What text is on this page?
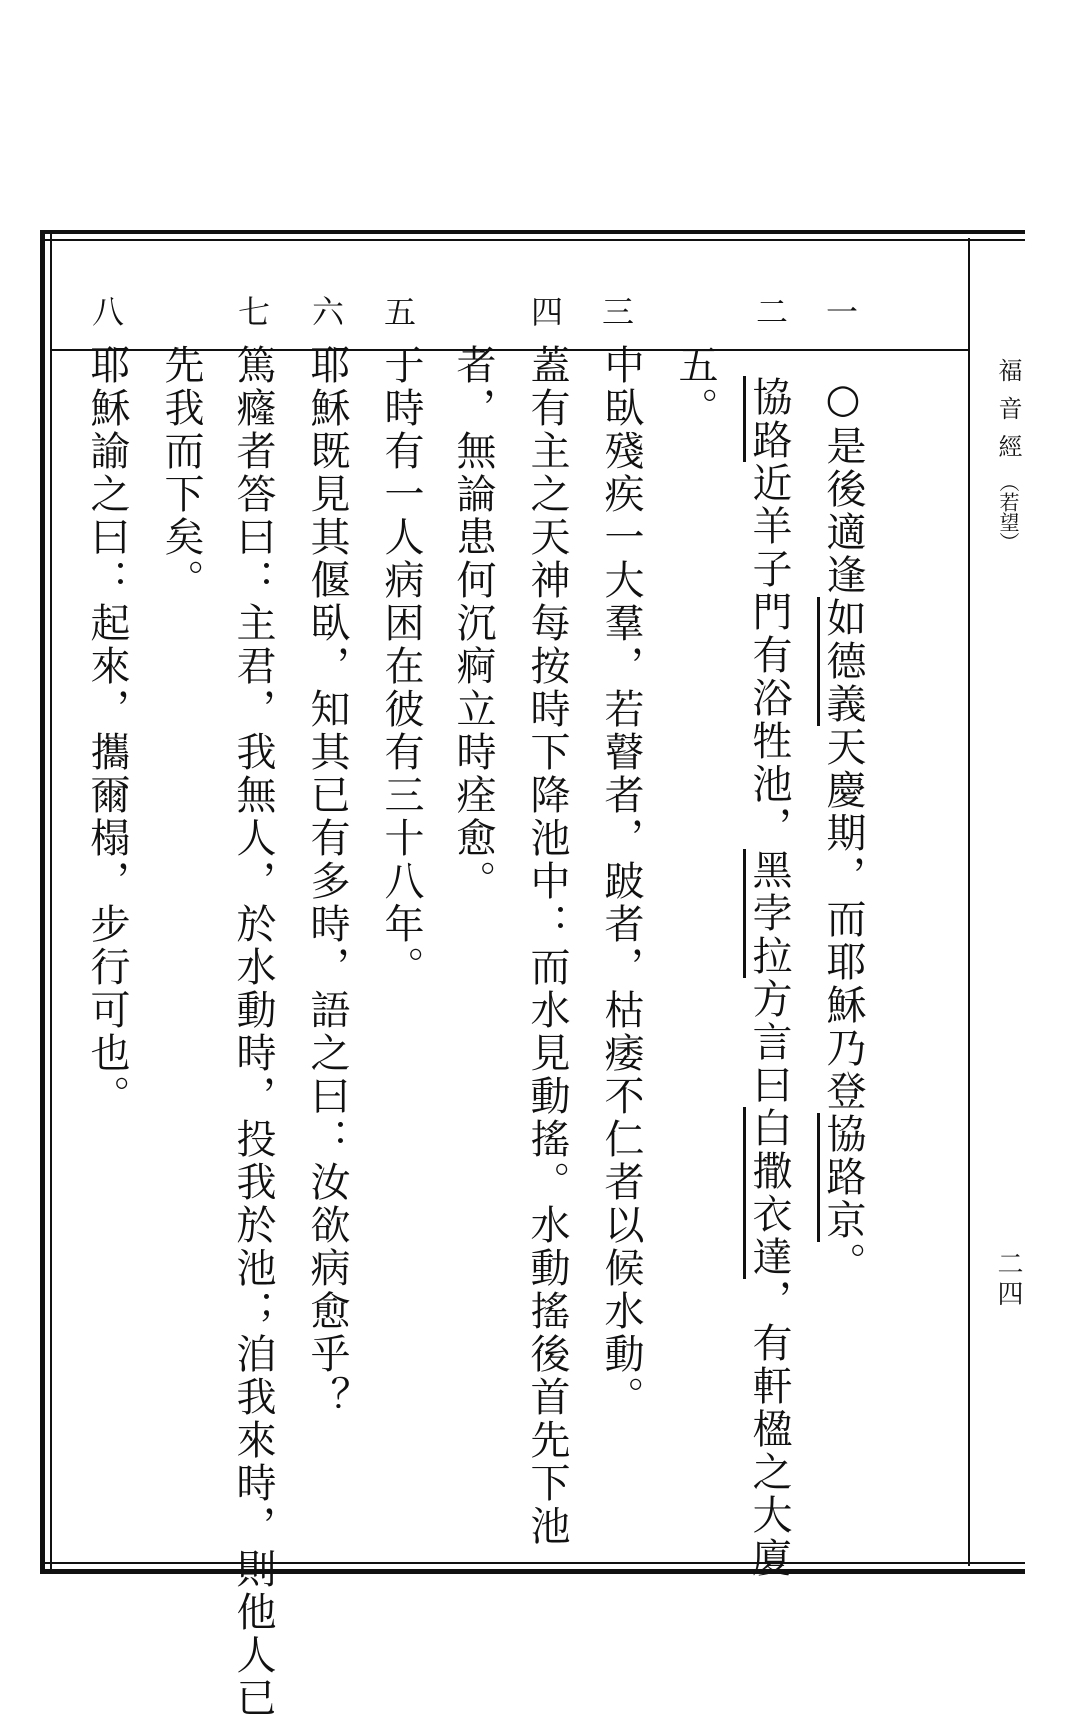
福音經（若望）
二四
一
二
三
四
五
六
七
八
○是後適逢如德義天慶期，而耶穌乃登協路京。
協路近羊子門有浴牲池，黑孛拉方言曰白撒衣達，有軒楹之大廈
五。
中臥殘疾一大羣，若瞽者，跛者，枯痿不仁者以候水動。
蓋有主之天神每按時下降池中：而水見動搖。水動搖後首先下池
者，無論患何沉痾立時痊愈。
于時有一人病困在彼有三十八年。
耶穌既見其偃臥，知其已有多時，語之曰：汝欲病愈乎？
篤癃者答曰：主君，我無人，於水動時，投我於池；洎我來時，則他人已
先我而下矣。
耶穌諭之曰：起來，攜爾榻，步行可也。
